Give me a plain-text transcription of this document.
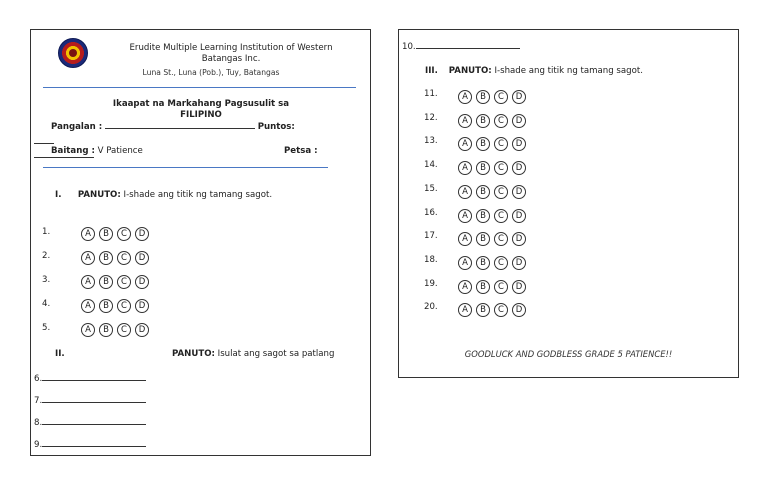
Erudite Multiple Learning Institution of Western
Batangas Inc.
Luna St., Luna (Pob.), Tuy, Batangas
Ikaapat na Markahang Pagsusulit sa
FILIPINO
Pangalan :	Puntos:
Baitang : V Patience	Petsa :
I. PANUTO: I-shade ang titik ng tamang sagot.
1.	A	B	C	D
2.	A	B	C	D
3.	A	B	C	D
4.	A	B	C	D
5.	A	B	C	D
II.	PANUTO: Isulat ang sagot sa patlang
6.
7.
8.
9.
10.
III. PANUTO: I-shade ang titik ng tamang sagot.
11.	A	B	C	D
12.	A	B	C	D
13.	A	B	C	D
14.	A	B	C	D
15.	A	B	C	D
16.	A	B	C	D
17.	A	B	C	D
18.	A	B	C	D
19.	A	B	C	D
20.	A	B	C	D
GOODLUCK AND GODBLESS GRADE 5 PATIENCE!!
